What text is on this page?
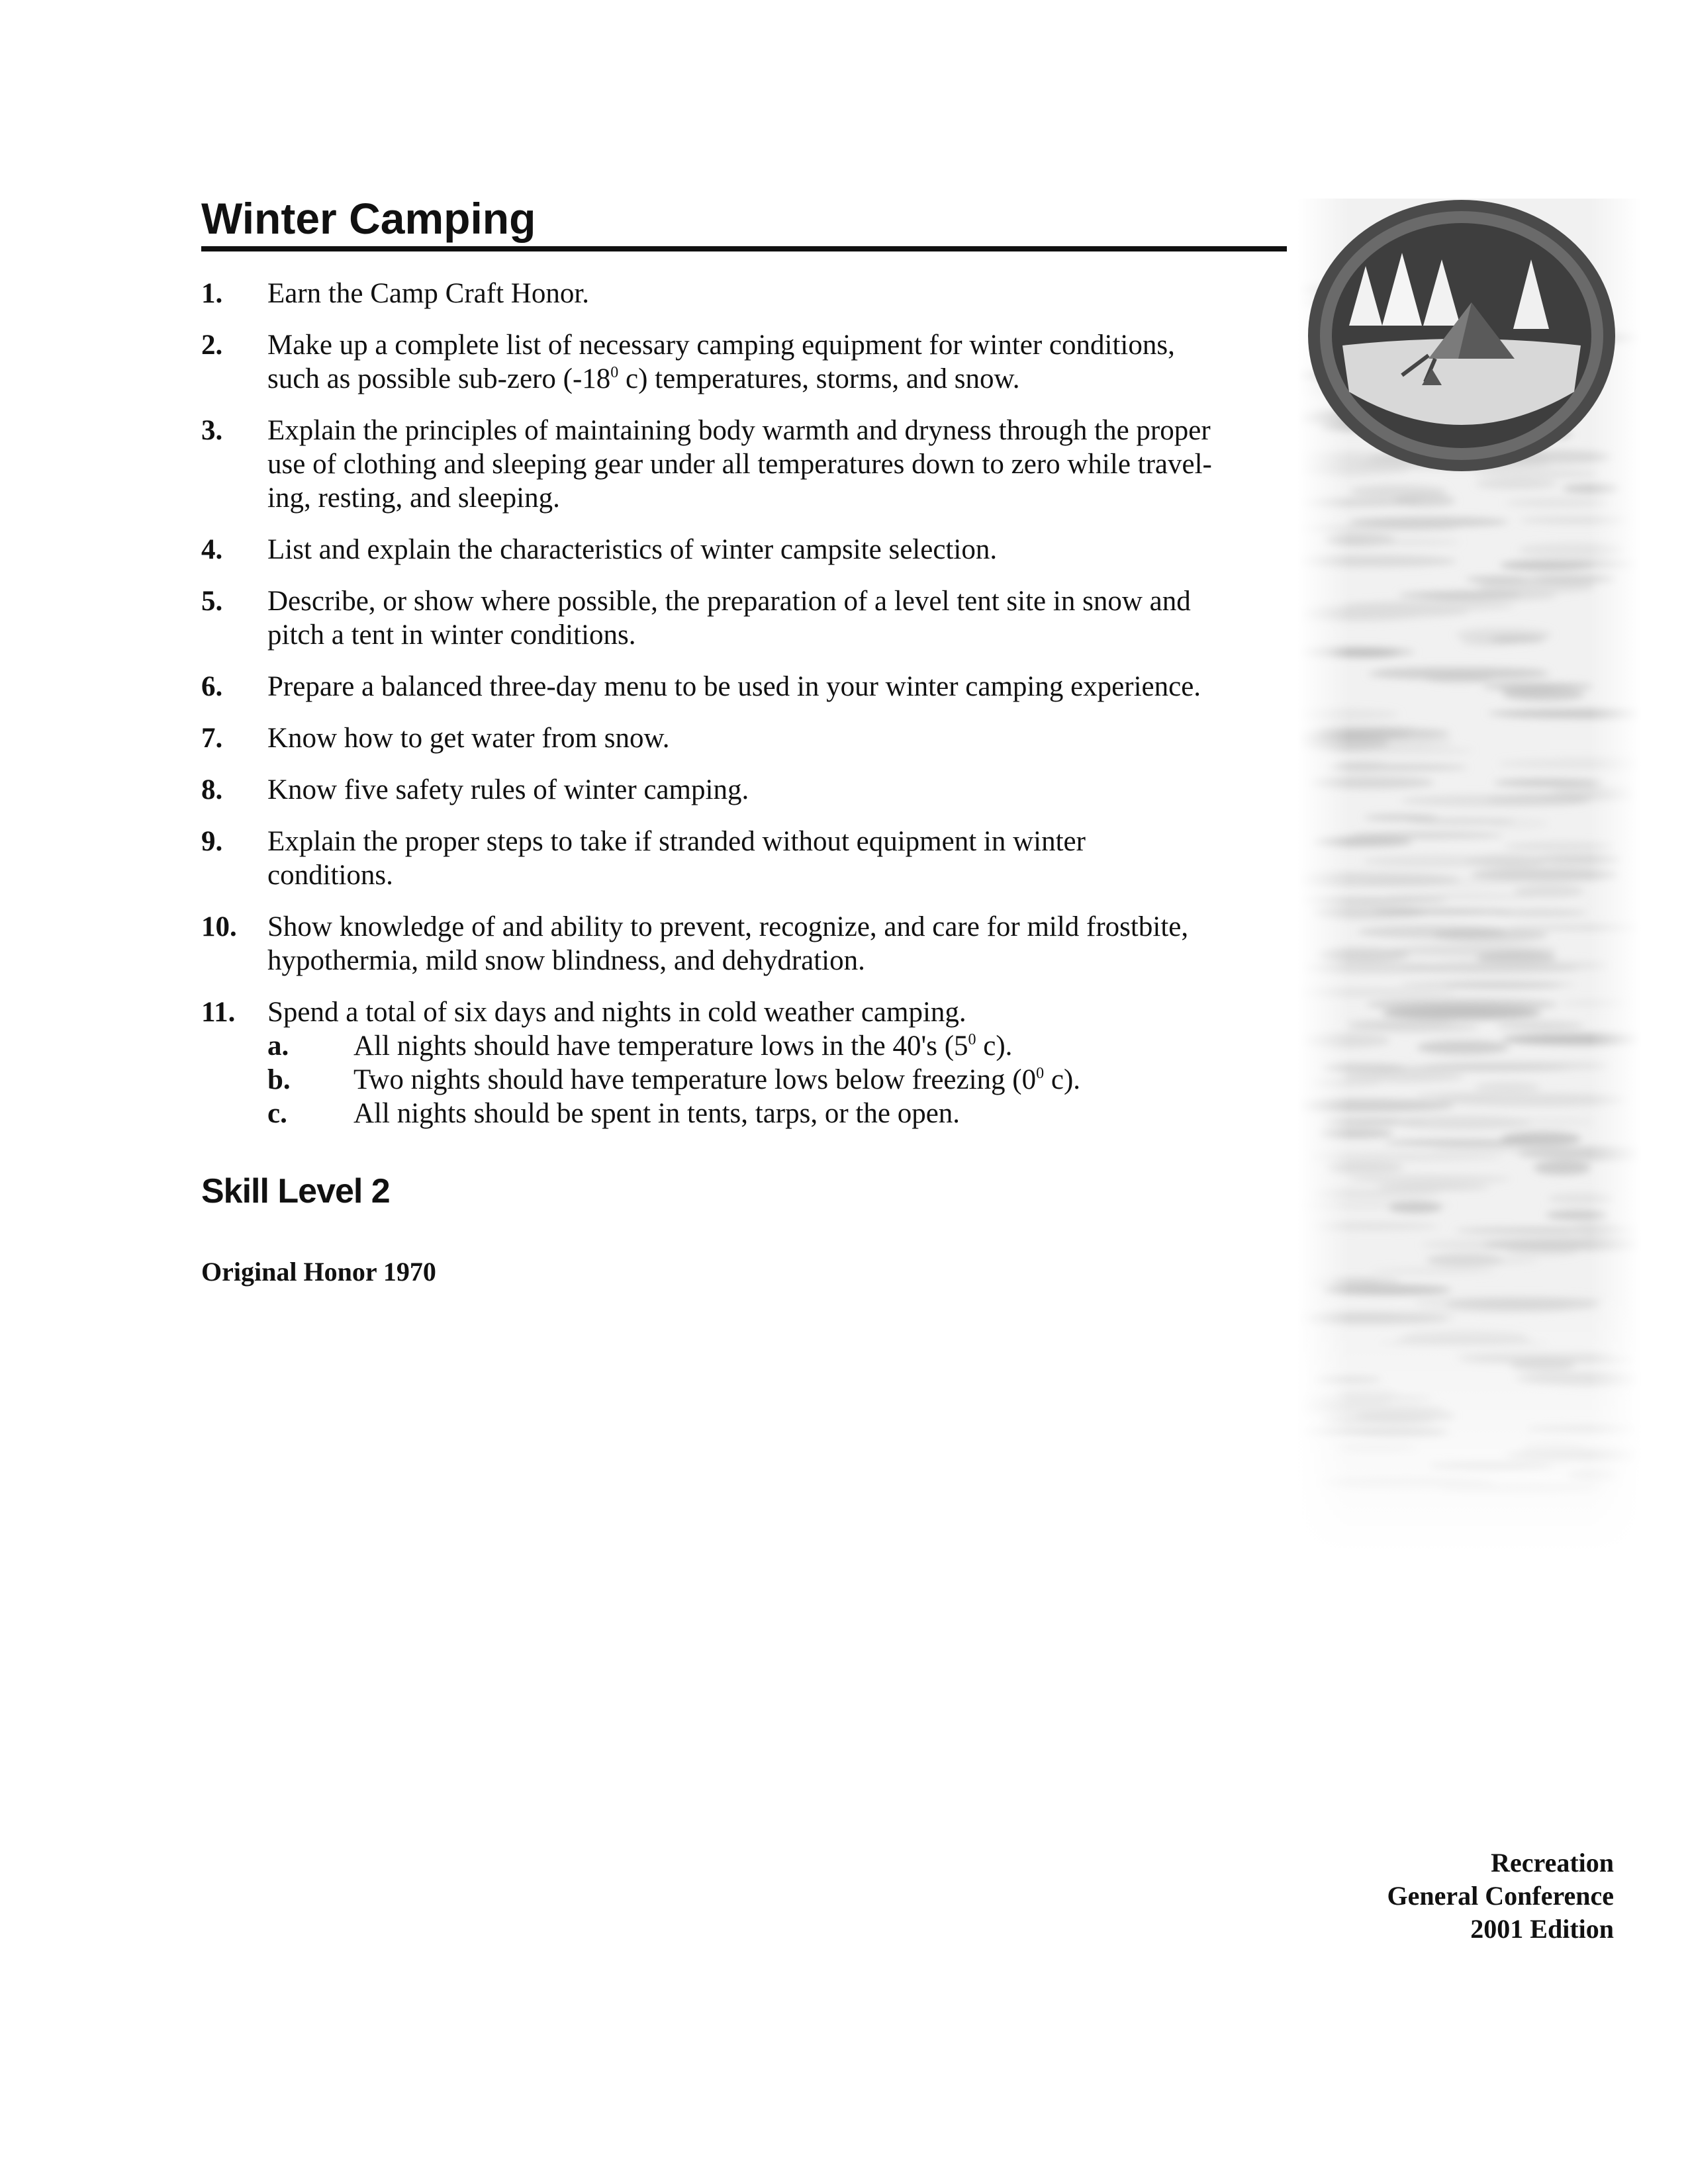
Winter Camping
1.	Earn the Camp Craft Honor.
2.	Make up a complete list of necessary camping equipment for winter conditions,
such as possible sub-zero ($-18^0$ c) temperatures, storms, and snow.
3.	Explain the principles of maintaining body warmth and dryness through the proper
use of clothing and sleeping gear under all temperatures down to zero while travel-
ing, resting, and sleeping.
4.	List and explain the characteristics of winter campsite selection.
5.	Describe, or show where possible, the preparation of a level tent site in snow and
pitch a tent in winter conditions.
6.	Prepare a balanced three-day menu to be used in your winter camping experience.
7.	Know how to get water from snow.
8.	Know five safety rules of winter camping.
9.	Explain the proper steps to take if stranded without equipment in winter
conditions.
10.	Show knowledge of and ability to prevent, recognize, and care for mild frostbite,
hypothermia, mild snow blindness, and dehydration.
11.	Spend a total of six days and nights in cold weather camping.
a.	All nights should have temperature lows in the 40's ($5^0$ c).
b.	Two nights should have temperature lows below freezing ($0^0$ c).
c.	All nights should be spent in tents, tarps, or the open.
Skill Level 2
Original Honor 1970
Recreation
General Conference
2001 Edition
